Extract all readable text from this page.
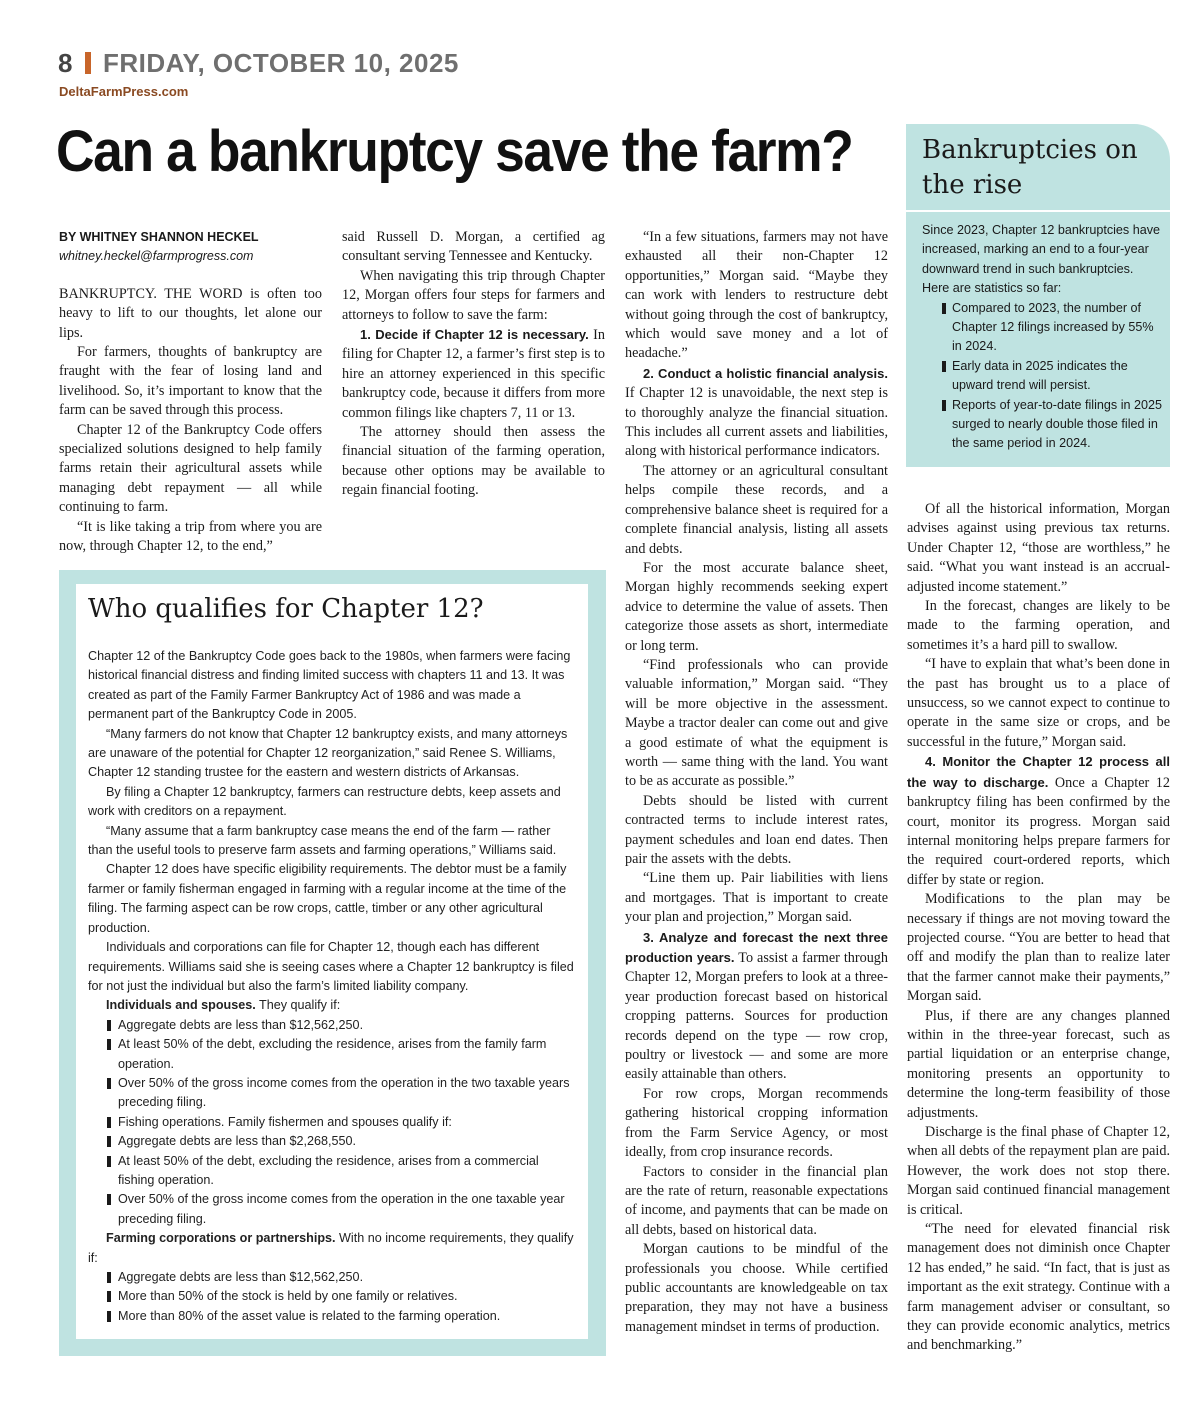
8 FRIDAY, OCTOBER 10, 2025
DeltaFarmPress.com
Can a bankruptcy save the farm?	Bankruptcies on the rise
Since 2023, Chapter 12 bankruptcies have increased, marking an end to a four-year downward trend in such bankruptcies. Here are statistics so far:
Compared to 2023, the number of Chapter 12 filings increased by 55% in 2024.
Early data in 2025 indicates the upward trend will persist.
Reports of year-to-date filings in 2025 surged to nearly double those filed in the same period in 2024.

BY WHITNEY SHANNON HECKEL

whitney.heckel@farmprogress.com

BANKRUPTCY. THE WORD is often too heavy to lift to our thoughts, let alone our lips.

For farmers, thoughts of bankruptcy are fraught with the fear of losing land and livelihood. So, it’s important to know that the farm can be saved through this process.

Chapter 12 of the Bankruptcy Code offers specialized solutions designed to help family farms retain their agricultural assets while managing debt repayment — all while continuing to farm.

“It is like taking a trip from where you are now, through Chapter 12, to the end,”

said Russell D. Morgan, a certified ag consultant serving Tennessee and Kentucky.

When navigating this trip through Chapter 12, Morgan offers four steps for farmers and attorneys to follow to save the farm:

1. Decide if Chapter 12 is necessary. In filing for Chapter 12, a farmer’s first step is to hire an attorney experienced in this specific bankruptcy code, because it differs from more common filings like chapters 7, 11 or 13.

The attorney should then assess the financial situation of the farming operation, because other options may be available to regain financial footing.

“In a few situations, farmers may not have exhausted all their non-Chapter 12 opportunities,” Morgan said. “Maybe they can work with lenders to restructure debt without going through the cost of bankruptcy, which would save money and a lot of headache.”

2. Conduct a holistic financial analysis. If Chapter 12 is unavoidable, the next step is to thoroughly analyze the financial situation. This includes all current assets and liabilities, along with historical performance indicators.

The attorney or an agricultural consultant helps compile these records, and a comprehensive balance sheet is required for a complete financial analysis, listing all assets and debts.

For the most accurate balance sheet, Morgan highly recommends seeking expert advice to determine the value of assets. Then categorize those assets as short, intermediate or long term.

“Find professionals who can provide valuable information,” Morgan said. “They will be more objective in the assessment. Maybe a tractor dealer can come out and give a good estimate of what the equipment is worth — same thing with the land. You want to be as accurate as possible.”

Debts should be listed with current contracted terms to include interest rates, payment schedules and loan end dates. Then pair the assets with the debts.

“Line them up. Pair liabilities with liens and mortgages. That is important to create your plan and projection,” Morgan said.

3. Analyze and forecast the next three production years. To assist a farmer through Chapter 12, Morgan prefers to look at a three-year production forecast based on historical cropping patterns. Sources for production records depend on the type — row crop, poultry or livestock — and some are more easily attainable than others.

For row crops, Morgan recommends gathering historical cropping information from the Farm Service Agency, or most ideally, from crop insurance records.

Factors to consider in the financial plan are the rate of return, reasonable expectations of income, and payments that can be made on all debts, based on historical data.

Morgan cautions to be mindful of the professionals you choose. While certified public accountants are knowledgeable on tax preparation, they may not have a business management mindset in terms of production.

Of all the historical information, Morgan advises against using previous tax returns. Under Chapter 12, “those are worthless,” he said. “What you want instead is an accrual-adjusted income statement.”

In the forecast, changes are likely to be made to the farming operation, and sometimes it’s a hard pill to swallow.

“I have to explain that what’s been done in the past has brought us to a place of unsuccess, so we cannot expect to continue to operate in the same size or crops, and be successful in the future,” Morgan said.

4. Monitor the Chapter 12 process all the way to discharge. Once a Chapter 12 bankruptcy filing has been confirmed by the court, monitor its progress. Morgan said internal monitoring helps prepare farmers for the required court-ordered reports, which differ by state or region.

Modifications to the plan may be necessary if things are not moving toward the projected course. “You are better to head that off and modify the plan than to realize later that the farmer cannot make their payments,” Morgan said.

Plus, if there are any changes planned within in the three-year forecast, such as partial liquidation or an enterprise change, monitoring presents an opportunity to determine the long-term feasibility of those adjustments.

Discharge is the final phase of Chapter 12, when all debts of the repayment plan are paid. However, the work does not stop there. Morgan said continued financial management is critical.

“The need for elevated financial risk management does not diminish once Chapter 12 has ended,” he said. “In fact, that is just as important as the exit strategy. Continue with a farm management adviser or consultant, so they can provide economic analytics, metrics and benchmarking.”

Who qualifies for Chapter 12?

Chapter 12 of the Bankruptcy Code goes back to the 1980s, when farmers were facing historical financial distress and finding limited success with chapters 11 and 13. It was created as part of the Family Farmer Bankruptcy Act of 1986 and was made a permanent part of the Bankruptcy Code in 2005.

“Many farmers do not know that Chapter 12 bankruptcy exists, and many attorneys are unaware of the potential for Chapter 12 reorganization,” said Renee S. Williams, Chapter 12 standing trustee for the eastern and western districts of Arkansas.

By filing a Chapter 12 bankruptcy, farmers can restructure debts, keep assets and work with creditors on a repayment.

“Many assume that a farm bankruptcy case means the end of the farm — rather than the useful tools to preserve farm assets and farming operations,” Williams said.

Chapter 12 does have specific eligibility requirements. The debtor must be a family farmer or family fisherman engaged in farming with a regular income at the time of the filing. The farming aspect can be row crops, cattle, timber or any other agricultural production.

Individuals and corporations can file for Chapter 12, though each has different requirements. Williams said she is seeing cases where a Chapter 12 bankruptcy is filed for not just the individual but also the farm’s limited liability company.

Individuals and spouses. They qualify if:

Aggregate debts are less than $12,562,250.
At least 50% of the debt, excluding the residence, arises from the family farm operation.
Over 50% of the gross income comes from the operation in the two taxable years preceding filing.
Fishing operations. Family fishermen and spouses qualify if:
Aggregate debts are less than $2,268,550.
At least 50% of the debt, excluding the residence, arises from a commercial fishing operation.
Over 50% of the gross income comes from the operation in the one taxable year preceding filing.

Farming corporations or partnerships. With no income requirements, they qualify if:

Aggregate debts are less than $12,562,250.
More than 50% of the stock is held by one family or relatives.
More than 80% of the asset value is related to the farming operation.
